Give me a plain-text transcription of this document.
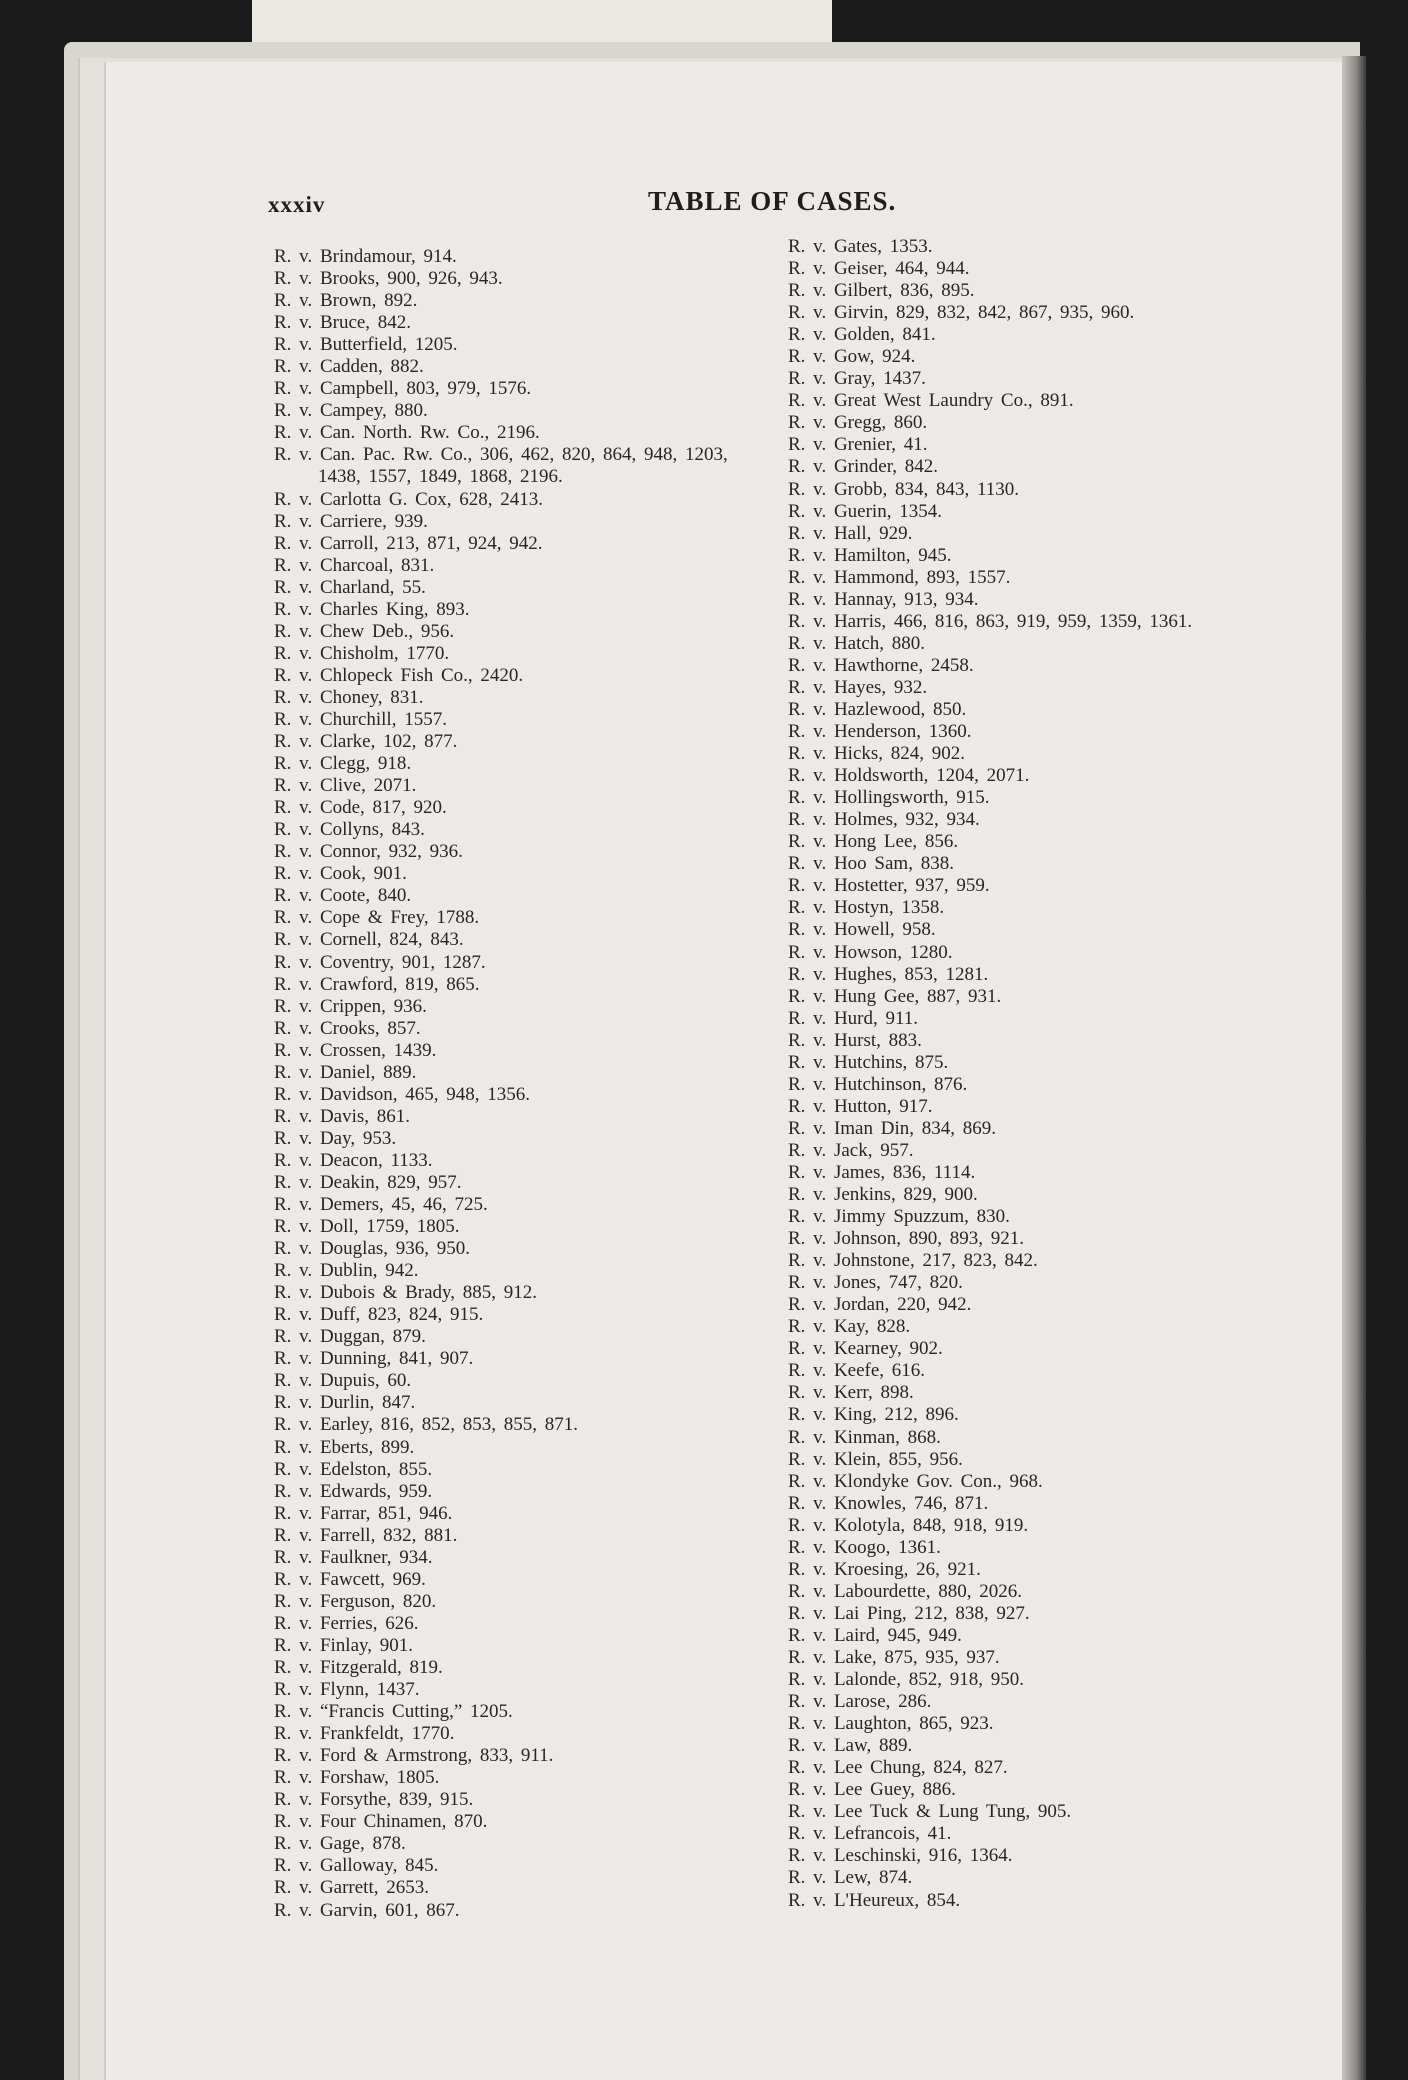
xxxiv	TABLE OF CASES.
R. v. Brindamour, 914.
R. v. Brooks, 900, 926, 943.
R. v. Brown, 892.
R. v. Bruce, 842.
R. v. Butterfield, 1205.
R. v. Cadden, 882.
R. v. Campbell, 803, 979, 1576.
R. v. Campey, 880.
R. v. Can. North. Rw. Co., 2196.
R. v. Can. Pac. Rw. Co., 306, 462, 820, 864, 948, 1203, 1438, 1557, 1849, 1868, 2196.
R. v. Carlotta G. Cox, 628, 2413.
R. v. Carriere, 939.
R. v. Carroll, 213, 871, 924, 942.
R. v. Charcoal, 831.
R. v. Charland, 55.
R. v. Charles King, 893.
R. v. Chew Deb., 956.
R. v. Chisholm, 1770.
R. v. Chlopeck Fish Co., 2420.
R. v. Choney, 831.
R. v. Churchill, 1557.
R. v. Clarke, 102, 877.
R. v. Clegg, 918.
R. v. Clive, 2071.
R. v. Code, 817, 920.
R. v. Collyns, 843.
R. v. Connor, 932, 936.
R. v. Cook, 901.
R. v. Coote, 840.
R. v. Cope & Frey, 1788.
R. v. Cornell, 824, 843.
R. v. Coventry, 901, 1287.
R. v. Crawford, 819, 865.
R. v. Crippen, 936.
R. v. Crooks, 857.
R. v. Crossen, 1439.
R. v. Daniel, 889.
R. v. Davidson, 465, 948, 1356.
R. v. Davis, 861.
R. v. Day, 953.
R. v. Deacon, 1133.
R. v. Deakin, 829, 957.
R. v. Demers, 45, 46, 725.
R. v. Doll, 1759, 1805.
R. v. Douglas, 936, 950.
R. v. Dublin, 942.
R. v. Dubois & Brady, 885, 912.
R. v. Duff, 823, 824, 915.
R. v. Duggan, 879.
R. v. Dunning, 841, 907.
R. v. Dupuis, 60.
R. v. Durlin, 847.
R. v. Earley, 816, 852, 853, 855, 871.
R. v. Eberts, 899.
R. v. Edelston, 855.
R. v. Edwards, 959.
R. v. Farrar, 851, 946.
R. v. Farrell, 832, 881.
R. v. Faulkner, 934.
R. v. Fawcett, 969.
R. v. Ferguson, 820.
R. v. Ferries, 626.
R. v. Finlay, 901.
R. v. Fitzgerald, 819.
R. v. Flynn, 1437.
R. v. “Francis Cutting,” 1205.
R. v. Frankfeldt, 1770.
R. v. Ford & Armstrong, 833, 911.
R. v. Forshaw, 1805.
R. v. Forsythe, 839, 915.
R. v. Four Chinamen, 870.
R. v. Gage, 878.
R. v. Galloway, 845.
R. v. Garrett, 2653.
R. v. Garvin, 601, 867.
R. v. Gates, 1353.
R. v. Geiser, 464, 944.
R. v. Gilbert, 836, 895.
R. v. Girvin, 829, 832, 842, 867, 935, 960.
R. v. Golden, 841.
R. v. Gow, 924.
R. v. Gray, 1437.
R. v. Great West Laundry Co., 891.
R. v. Gregg, 860.
R. v. Grenier, 41.
R. v. Grinder, 842.
R. v. Grobb, 834, 843, 1130.
R. v. Guerin, 1354.
R. v. Hall, 929.
R. v. Hamilton, 945.
R. v. Hammond, 893, 1557.
R. v. Hannay, 913, 934.
R. v. Harris, 466, 816, 863, 919, 959, 1359, 1361.
R. v. Hatch, 880.
R. v. Hawthorne, 2458.
R. v. Hayes, 932.
R. v. Hazlewood, 850.
R. v. Henderson, 1360.
R. v. Hicks, 824, 902.
R. v. Holdsworth, 1204, 2071.
R. v. Hollingsworth, 915.
R. v. Holmes, 932, 934.
R. v. Hong Lee, 856.
R. v. Hoo Sam, 838.
R. v. Hostetter, 937, 959.
R. v. Hostyn, 1358.
R. v. Howell, 958.
R. v. Howson, 1280.
R. v. Hughes, 853, 1281.
R. v. Hung Gee, 887, 931.
R. v. Hurd, 911.
R. v. Hurst, 883.
R. v. Hutchins, 875.
R. v. Hutchinson, 876.
R. v. Hutton, 917.
R. v. Iman Din, 834, 869.
R. v. Jack, 957.
R. v. James, 836, 1114.
R. v. Jenkins, 829, 900.
R. v. Jimmy Spuzzum, 830.
R. v. Johnson, 890, 893, 921.
R. v. Johnstone, 217, 823, 842.
R. v. Jones, 747, 820.
R. v. Jordan, 220, 942.
R. v. Kay, 828.
R. v. Kearney, 902.
R. v. Keefe, 616.
R. v. Kerr, 898.
R. v. King, 212, 896.
R. v. Kinman, 868.
R. v. Klein, 855, 956.
R. v. Klondyke Gov. Con., 968.
R. v. Knowles, 746, 871.
R. v. Kolotyla, 848, 918, 919.
R. v. Koogo, 1361.
R. v. Kroesing, 26, 921.
R. v. Labourdette, 880, 2026.
R. v. Lai Ping, 212, 838, 927.
R. v. Laird, 945, 949.
R. v. Lake, 875, 935, 937.
R. v. Lalonde, 852, 918, 950.
R. v. Larose, 286.
R. v. Laughton, 865, 923.
R. v. Law, 889.
R. v. Lee Chung, 824, 827.
R. v. Lee Guey, 886.
R. v. Lee Tuck & Lung Tung, 905.
R. v. Lefrancois, 41.
R. v. Leschinski, 916, 1364.
R. v. Lew, 874.
R. v. L'Heureux, 854.
